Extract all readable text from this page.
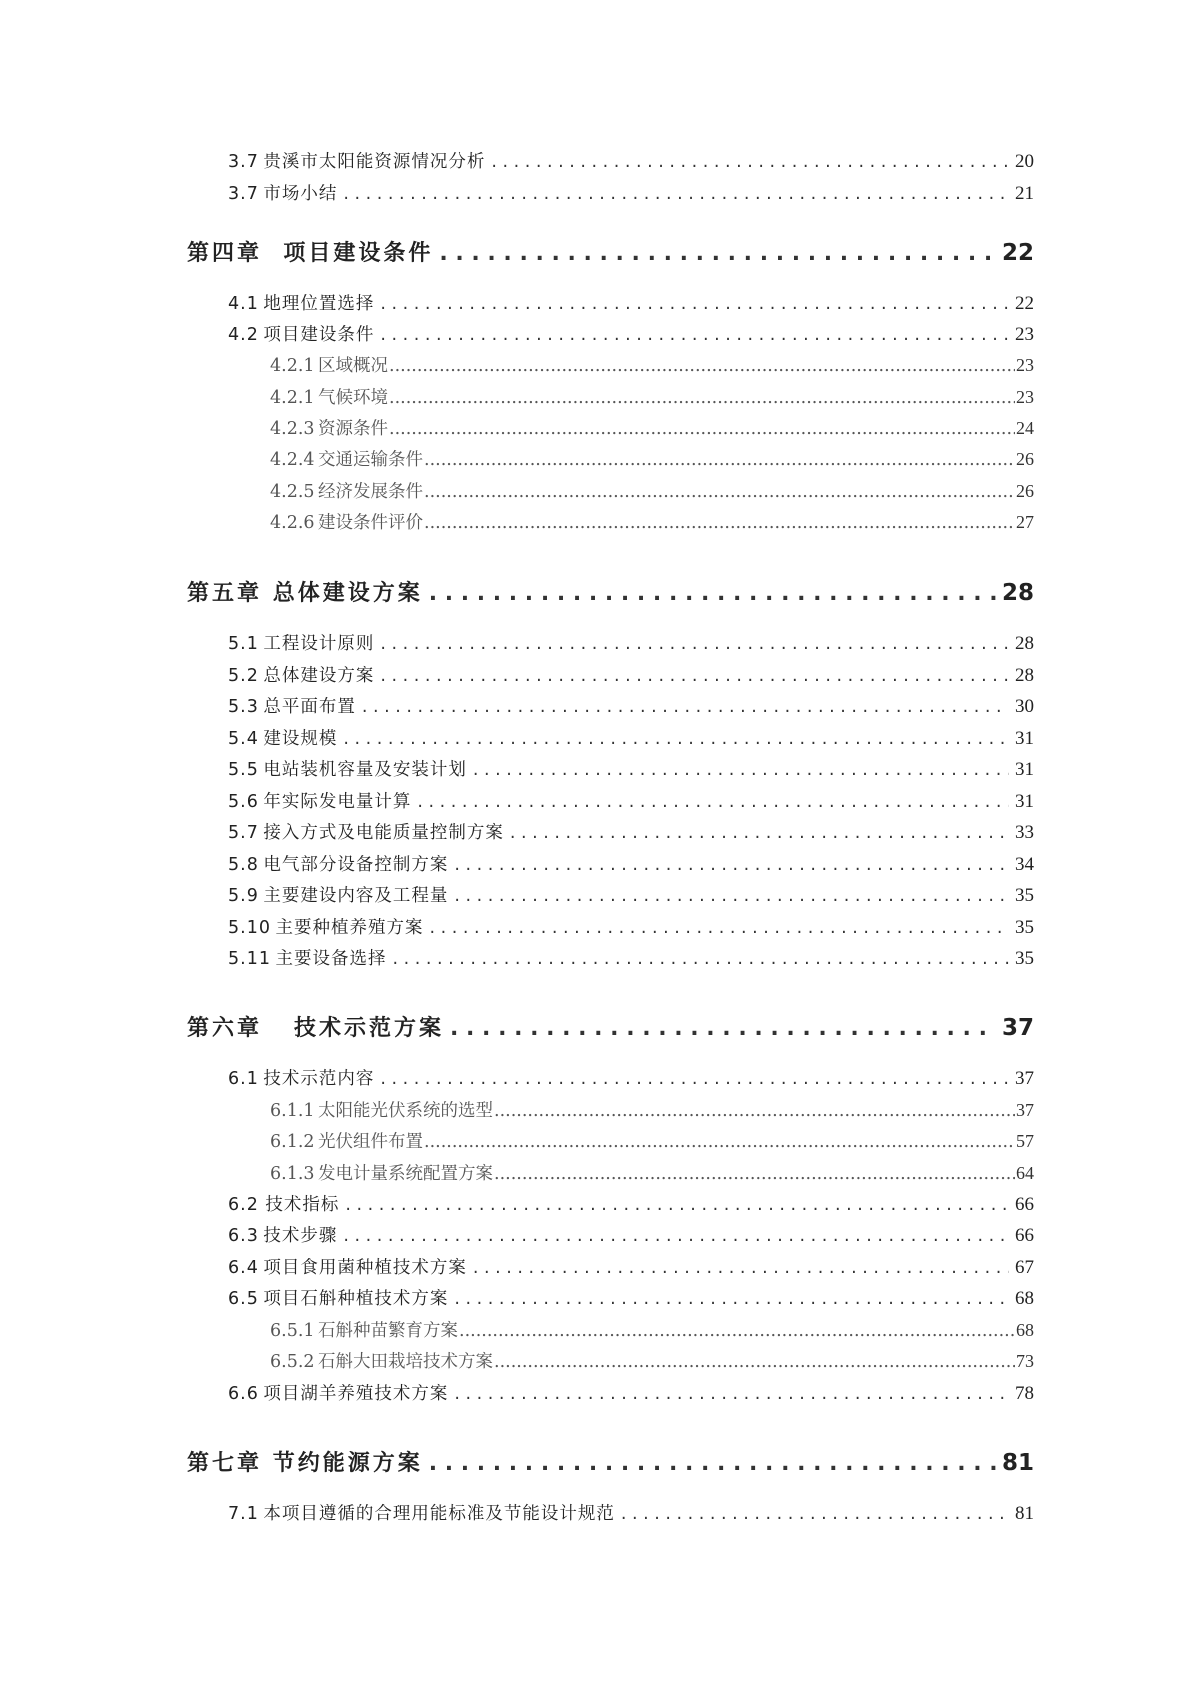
3.7  贵溪市太阳能资源情况分析 . . .	20
3.7  市场小结 . . .	21
第四章 项目建设条件 . . .	22
4.1  地理位置选择 . . .	22
4.2  项目建设条件 . . .	23
4.2.1  区域概况 .....	23
4.2.1  气候环境 .....	23
4.2.3  资源条件 .....	24
4.2.4  交通运输条件 .....	26
4.2.5  经济发展条件 .....	26
4.2.6  建设条件评价 .....	27
第五章 总体建设方案 . . .	28
5.1  工程设计原则 . . .	28
5.2  总体建设方案 . . .	28
5.3  总平面布置 . . .	30
5.4  建设规模 . . .	31
5.5  电站装机容量及安装计划 . . .	31
5.6  年实际发电量计算 . . .	31
5.7  接入方式及电能质量控制方案 . . .	33
5.8  电气部分设备控制方案 . . .	34
5.9  主要建设内容及工程量 . . .	35
5.10  主要种植养殖方案 . . .	35
5.11  主要设备选择 . . .	35
第六章 技术示范方案 . . .	37
6.1  技术示范内容 . . .	37
6.1.1  太阳能光伏系统的选型 .....	37
6.1.2  光伏组件布置 .....	57
6.1.3  发电计量系统配置方案 .....	64
6.2 技术指标 . . .	66
6.3  技术步骤 . . .	66
6.4  项目食用菌种植技术方案 . . .	67
6.5  项目石斛种植技术方案 . . .	68
6.5.1  石斛种苗繁育方案 .....	68
6.5.2  石斛大田栽培技术方案 .....	73
6.6  项目湖羊养殖技术方案 . . .	78
第七章 节约能源方案 . . .	81
7.1  本项目遵循的合理用能标准及节能设计规范 . . .	81
